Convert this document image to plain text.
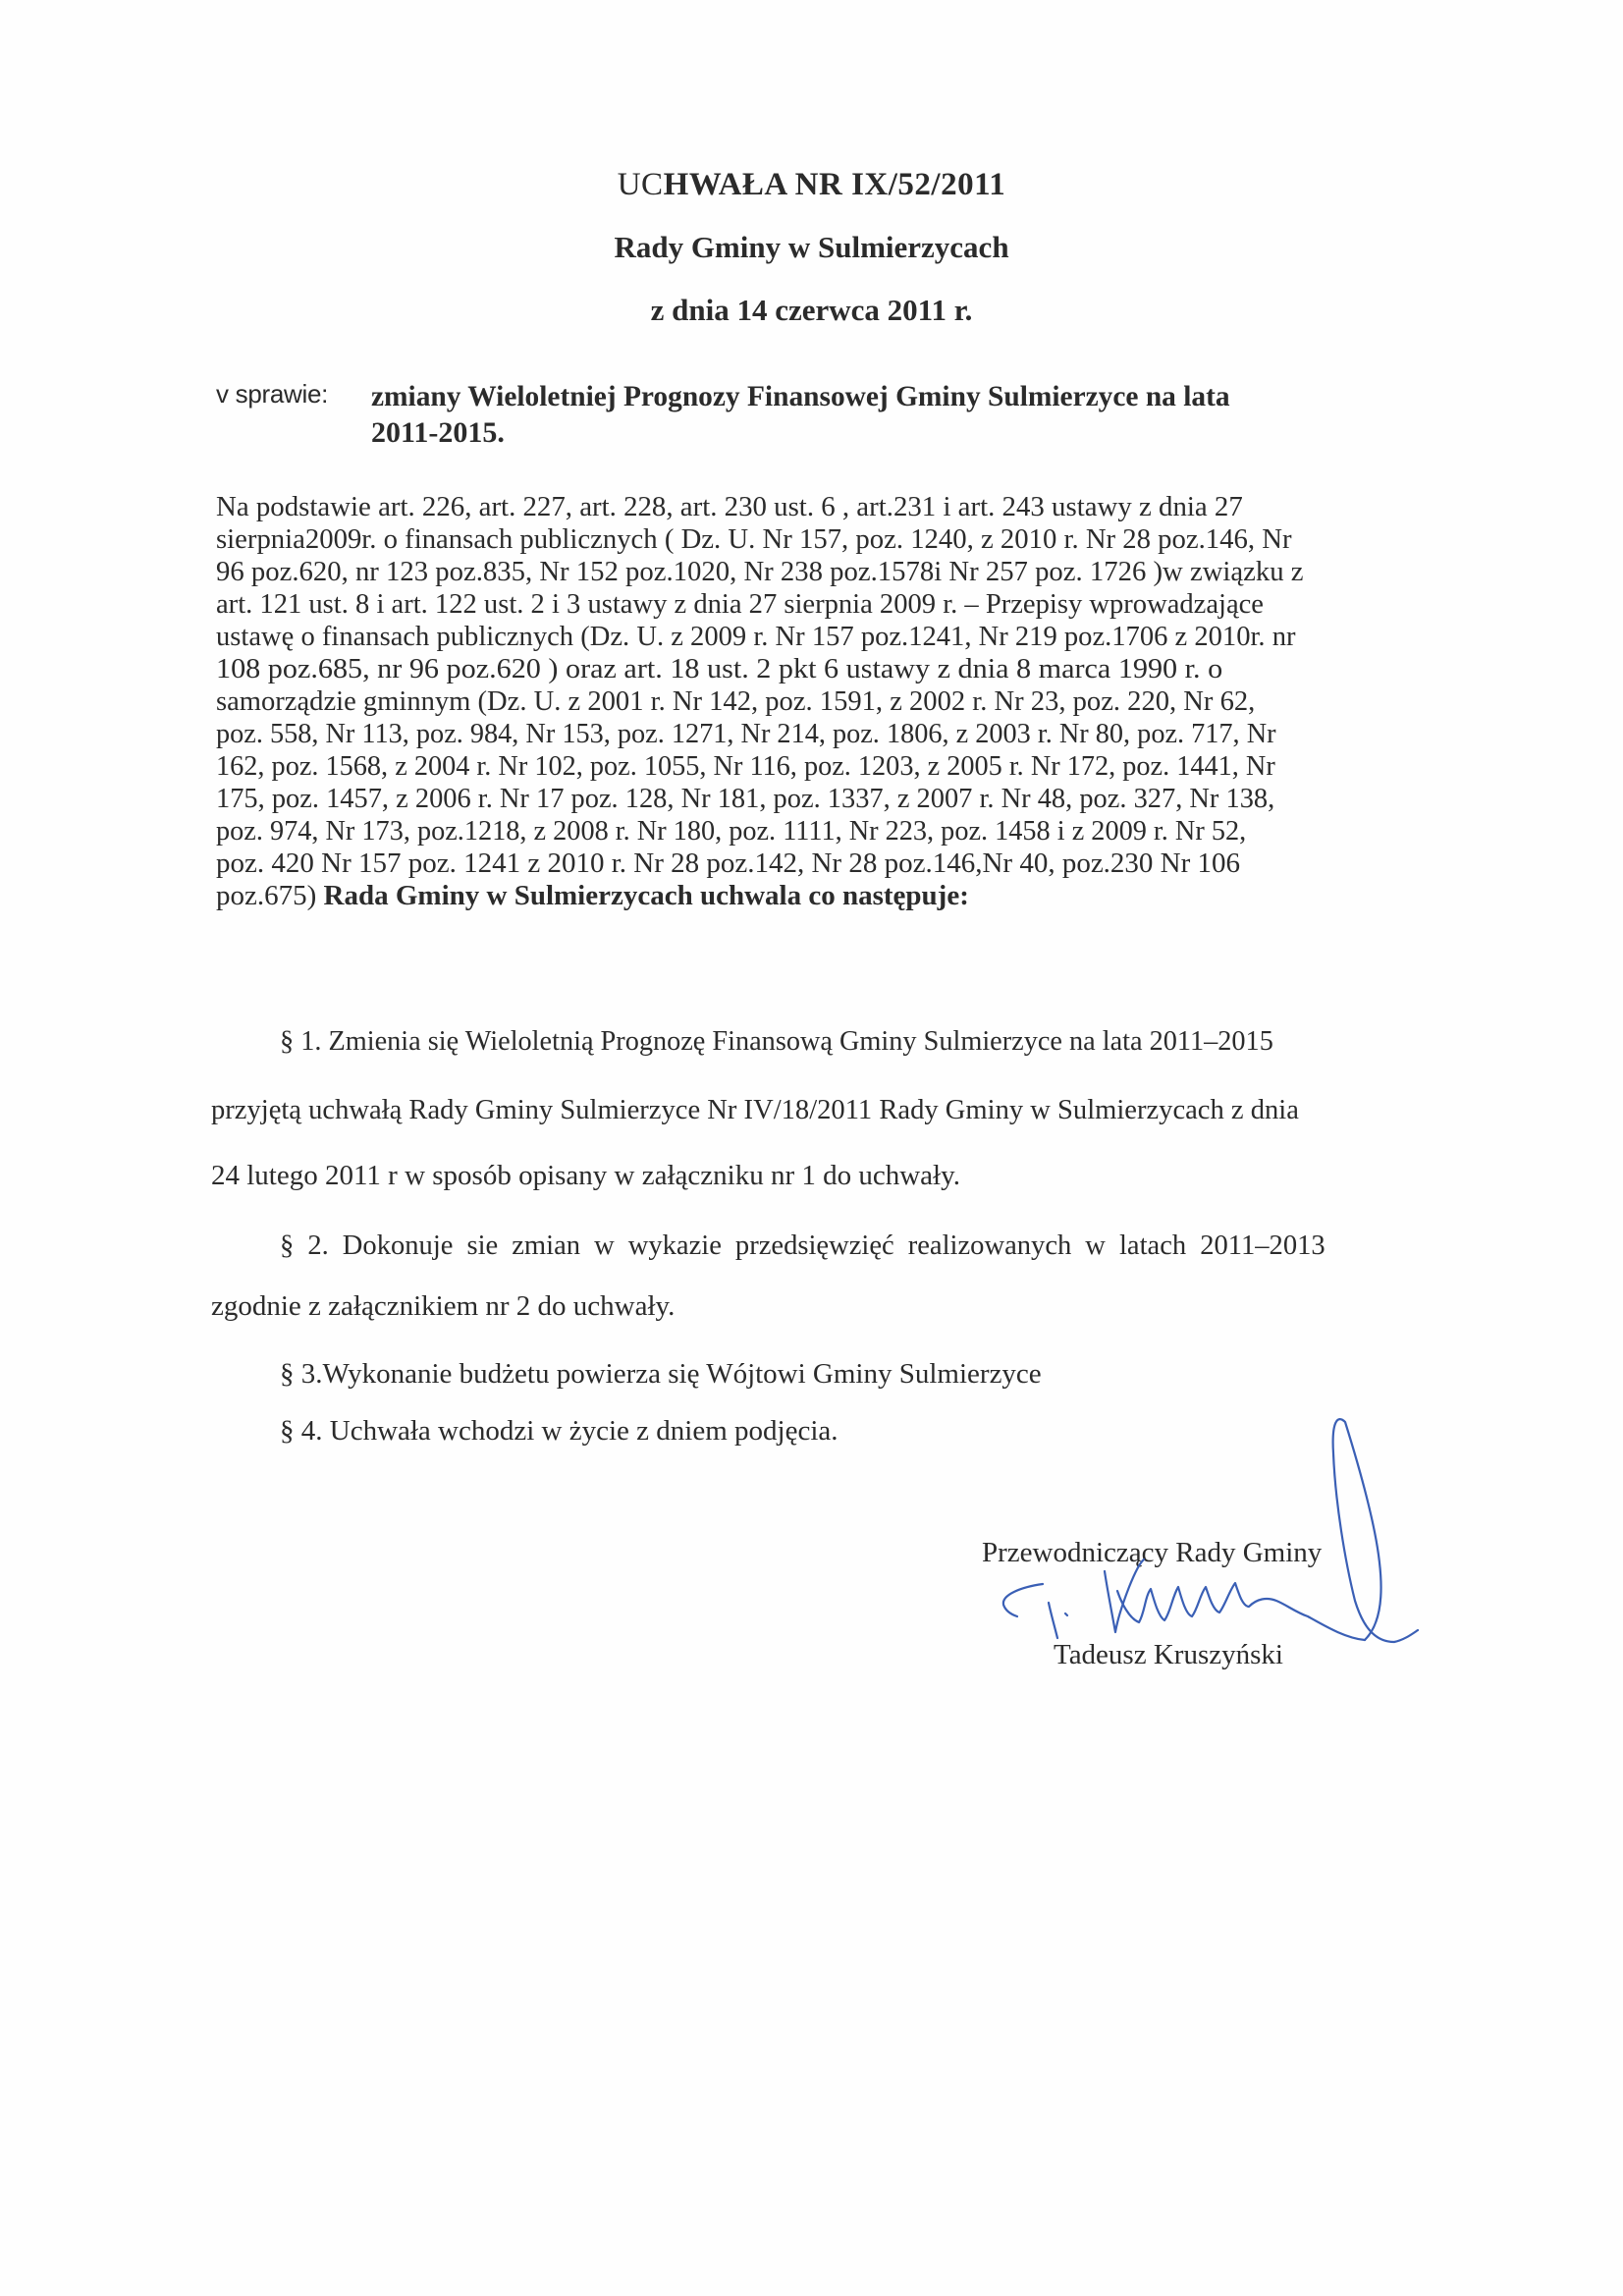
UCHWAŁA NR IX/52/2011
Rady Gminy w Sulmierzycach
z dnia 14 czerwca 2011 r.
v sprawie: zmiany Wieloletniej Prognozy Finansowej Gminy Sulmierzyce na lata
2011-2015.
Na podstawie art. 226, art. 227, art. 228, art. 230 ust. 6 , art.231 i art. 243 ustawy z dnia 27
sierpnia2009r. o finansach publicznych ( Dz. U. Nr 157, poz. 1240, z 2010 r. Nr 28 poz.146, Nr
96 poz.620, nr 123 poz.835, Nr 152 poz.1020, Nr 238 poz.1578i Nr 257 poz. 1726 )w związku z
art. 121 ust. 8 i art. 122 ust. 2 i 3 ustawy z dnia 27 sierpnia 2009 r. – Przepisy wprowadzające
ustawę o finansach publicznych (Dz. U. z 2009 r. Nr 157 poz.1241, Nr 219 poz.1706 z 2010r. nr
108 poz.685, nr 96 poz.620 ) oraz art. 18 ust. 2 pkt 6 ustawy z dnia 8 marca 1990 r. o
samorządzie gminnym (Dz. U. z 2001 r. Nr 142, poz. 1591, z 2002 r. Nr 23, poz. 220, Nr 62,
poz. 558, Nr 113, poz. 984, Nr 153, poz. 1271, Nr 214, poz. 1806, z 2003 r. Nr 80, poz. 717, Nr
162, poz. 1568, z 2004 r. Nr 102, poz. 1055, Nr 116, poz. 1203, z 2005 r. Nr 172, poz. 1441, Nr
175, poz. 1457, z 2006 r. Nr 17 poz. 128, Nr 181, poz. 1337, z 2007 r. Nr 48, poz. 327, Nr 138,
poz. 974, Nr 173, poz.1218, z 2008 r. Nr 180, poz. 1111, Nr 223, poz. 1458 i z 2009 r. Nr 52,
poz. 420 Nr 157 poz. 1241 z 2010 r. Nr 28 poz.142, Nr 28 poz.146,Nr 40, poz.230 Nr 106
poz.675) Rada Gminy w Sulmierzycach uchwala co następuje:
§ 1. Zmienia się Wieloletnią Prognozę Finansową Gminy Sulmierzyce na lata 2011–2015
przyjętą uchwałą Rady Gminy Sulmierzyce Nr IV/18/2011 Rady Gminy w Sulmierzycach z dnia
24 lutego 2011 r w sposób opisany w załączniku nr 1 do uchwały.
§ 2. Dokonuje sie zmian w wykazie przedsięwzięć realizowanych w latach 2011–2013
zgodnie z załącznikiem nr 2 do uchwały.
§ 3.Wykonanie budżetu powierza się Wójtowi Gminy Sulmierzyce
§ 4. Uchwała wchodzi w życie z dniem podjęcia.
Przewodniczący Rady Gminy
Tadeusz Kruszyński
